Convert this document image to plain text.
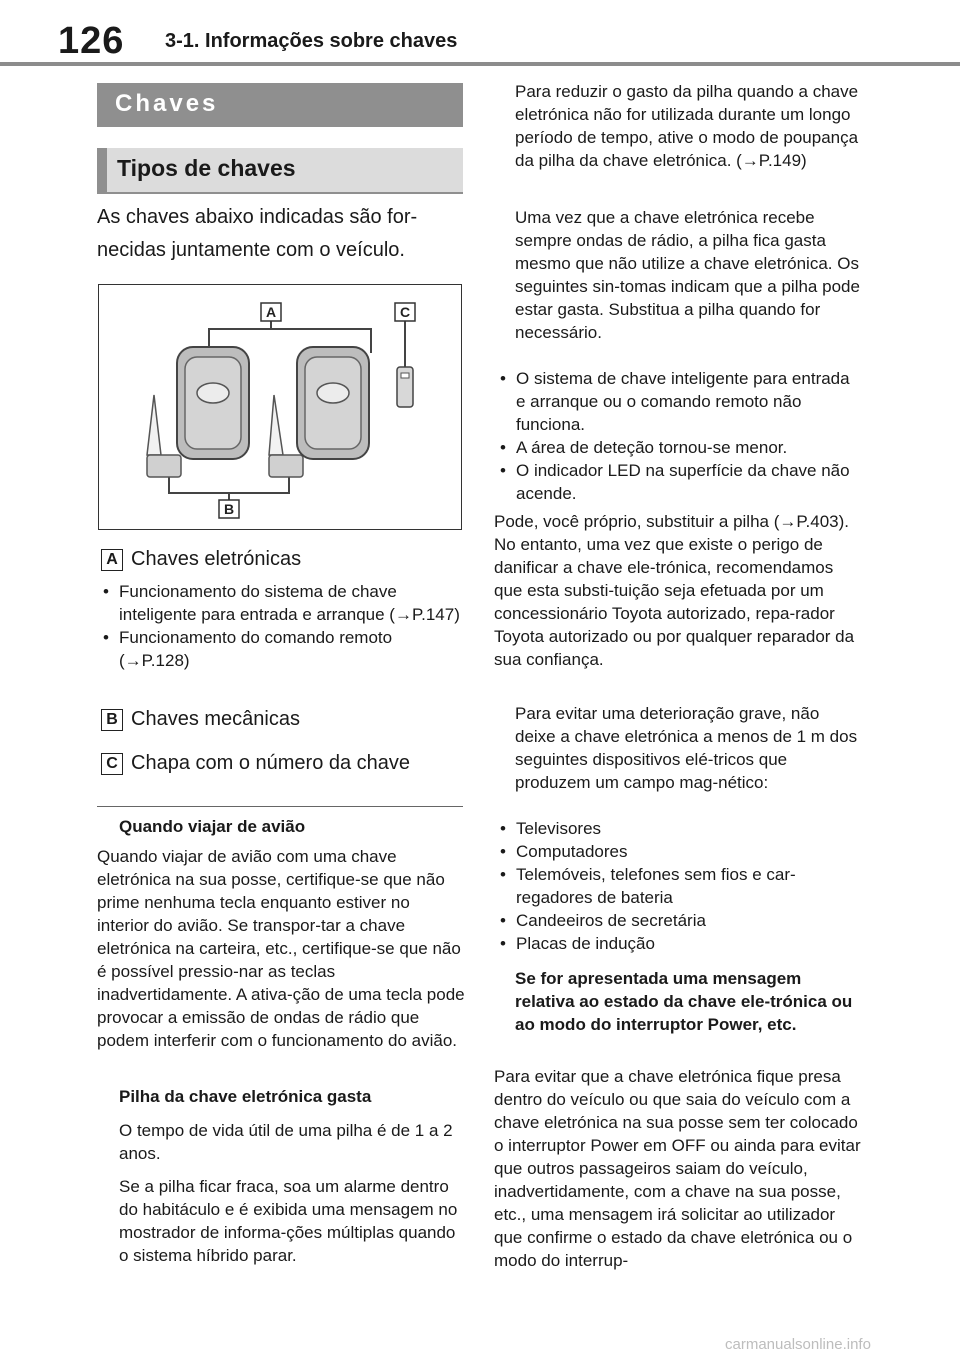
126 3-1. Informações sobre chaves
Chaves
Tipos de chaves
As chaves abaixo indicadas são for-necidas juntamente com o veículo.
A
B
C
A Chaves eletrónicas
• Funcionamento do sistema de chave inteligente para entrada e arranque (→P.147)
• Funcionamento do comando remoto (→P.128)
B Chaves mecânicas
C Chapa com o número da chave
Quando viajar de avião
Quando viajar de avião com uma chave eletrónica na sua posse, certifique-se que não prime nenhuma tecla enquanto estiver no interior do avião. Se transpor-tar a chave eletrónica na carteira, etc., certifique-se que não é possível pressio-nar as teclas inadvertidamente. A ativa-ção de uma tecla pode provocar a emissão de ondas de rádio que podem interferir com o funcionamento do avião.
Pilha da chave eletrónica gasta
O tempo de vida útil de uma pilha é de 1 a 2 anos.
Se a pilha ficar fraca, soa um alarme dentro do habitáculo e é exibida uma mensagem no mostrador de informa-ções múltiplas quando o sistema híbrido parar.
Para reduzir o gasto da pilha quando a chave eletrónica não for utilizada durante um longo período de tempo, ative o modo de poupança da pilha da chave eletrónica. (→P.149)
Uma vez que a chave eletrónica recebe sempre ondas de rádio, a pilha fica gasta mesmo que não utilize a chave eletrónica. Os seguintes sin-tomas indicam que a pilha pode estar gasta. Substitua a pilha quando for necessário.
• O sistema de chave inteligente para entrada e arranque ou o comando remoto não funciona.
• A área de deteção tornou-se menor.
• O indicador LED na superfície da chave não acende.
Pode, você próprio, substituir a pilha (→P.403). No entanto, uma vez que existe o perigo de danificar a chave ele-trónica, recomendamos que esta substi-tuição seja efetuada por um concessionário Toyota autorizado, repa-rador Toyota autorizado ou por qualquer reparador da sua confiança.
Para evitar uma deterioração grave, não deixe a chave eletrónica a menos de 1 m dos seguintes dispositivos elé-tricos que produzem um campo mag-nético:
• Televisores
• Computadores
• Telemóveis, telefones sem fios e car-regadores de bateria
• Candeeiros de secretária
• Placas de indução
Se for apresentada uma mensagem relativa ao estado da chave ele-trónica ou ao modo do interruptor Power, etc.
Para evitar que a chave eletrónica fique presa dentro do veículo ou que saia do veículo com a chave eletrónica na sua posse sem ter colocado o interruptor Power em OFF ou ainda para evitar que outros passageiros saiam do veículo, inadvertidamente, com a chave na sua posse, etc., uma mensagem irá solicitar ao utilizador que confirme o estado da chave eletrónica ou o modo do interrup-
carmanualsonline.info
